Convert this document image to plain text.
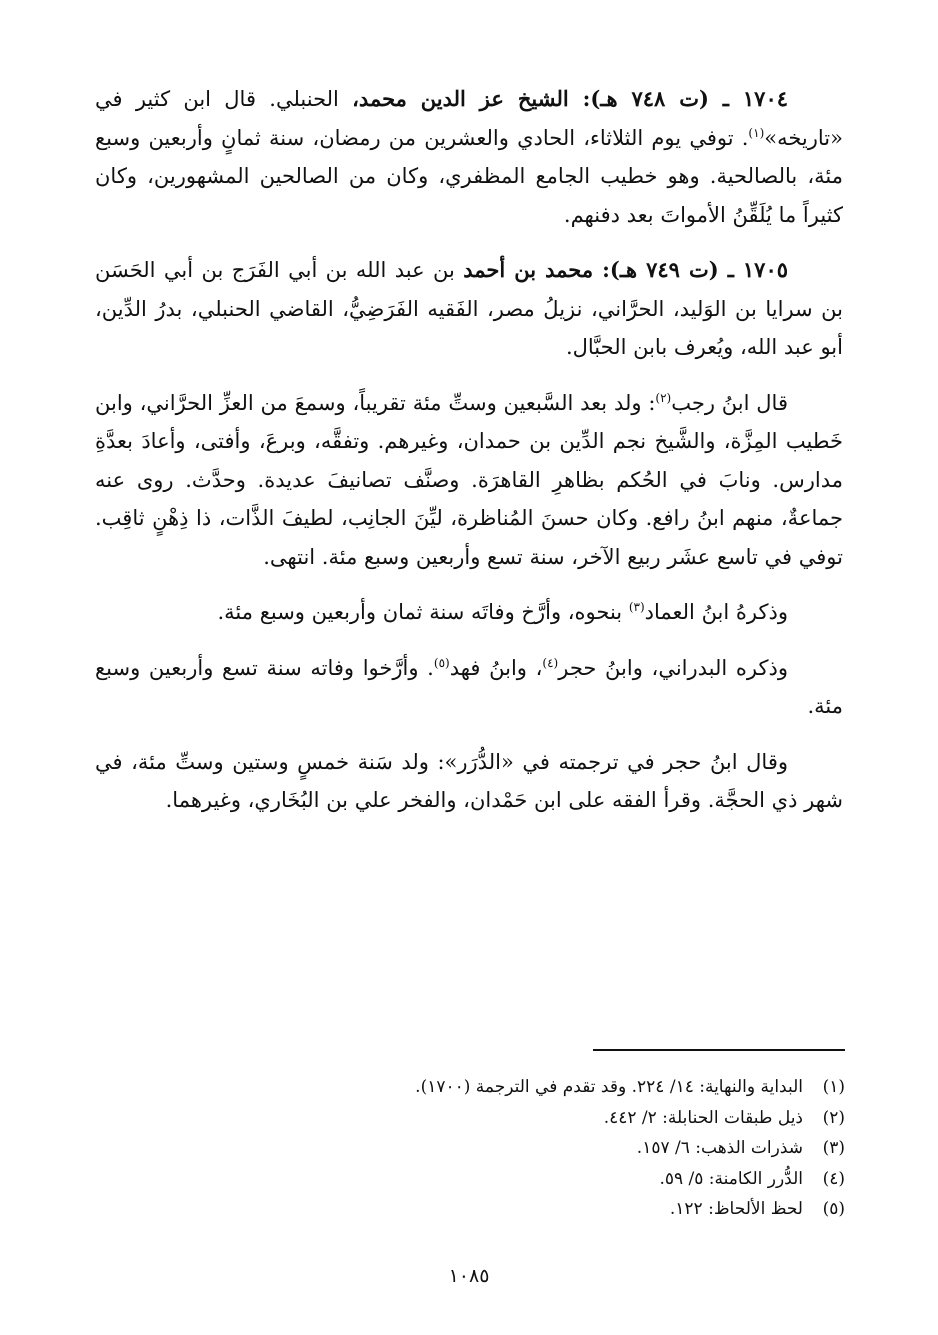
١٧٠٤ ـ (ت ٧٤٨ هـ): الشيخ عز الدين محمد، الحنبلي. قال ابن كثير في «تاريخه»$^{(١)}$. توفي يوم الثلاثاء، الحادي والعشرين من رمضان، سنة ثمانٍ وأربعين وسبع مئة، بالصالحية. وهو خطيب الجامع المظفري، وكان من الصالحين المشهورين، وكان كثيراً ما يُلَقِّنُ الأمواتَ بعد دفنهم.

١٧٠٥ ـ (ت ٧٤٩ هـ): محمد بن أحمد بن عبد الله بن أبي الفَرَج بن أبي الحَسَن بن سرايا بن الوَليد، الحرَّاني، نزيلُ مصر، الفَقيه الفَرَضِيُّ، القاضي الحنبلي، بدرُ الدِّين، أبو عبد الله، ويُعرف بابن الحبَّال.

قال ابنُ رجب$^{(٢)}$: ولد بعد السَّبعين وستِّ مئة تقريباً، وسمعَ من العزِّ الحرَّاني، وابن خَطيب المِزَّة، والشَّيخ نجم الدِّين بن حمدان، وغيرهم. وتفقَّه، وبرعَ، وأفتى، وأعادَ بعدَّةِ مدارس. ونابَ في الحُكم بظاهرِ القاهرَة. وصنَّف تصانيفَ عديدة. وحدَّث. روى عنه جماعةٌ، منهم ابنُ رافع. وكان حسنَ المُناظرة، ليِّنَ الجانِب، لطيفَ الذَّات، ذا ذِهْنٍ ثاقِب. توفي في تاسع عشَر ربيع الآخر، سنة تسع وأربعين وسبع مئة. انتهى.

وذكرهُ ابنُ العماد$^{(٣)}$ بنحوه، وأرَّخ وفاتَه سنة ثمان وأربعين وسبع مئة.

وذكره البدراني، وابنُ حجر$^{(٤)}$، وابنُ فهد$^{(٥)}$. وأرَّخوا وفاته سنة تسع وأربعين وسبع مئة.

وقال ابنُ حجر في ترجمته في «الدُّرَر»: ولد سَنة خمسٍ وستين وستِّ مئة، في شهر ذي الحجَّة. وقرأ الفقه على ابن حَمْدان، والفخر علي بن البُخَاري، وغيرهما.

(١)البداية والنهاية: ١٤/ ٢٢٤. وقد تقدم في الترجمة (١٧٠٠).
(٢)ذيل طبقات الحنابلة: ٢/ ٤٤٢.
(٣)شذرات الذهب: ٦/ ١٥٧.
(٤)الدُّرر الكامنة: ٥/ ٥٩.
(٥)لحظ الألحاظ: ١٢٢.
١٠٨٥
